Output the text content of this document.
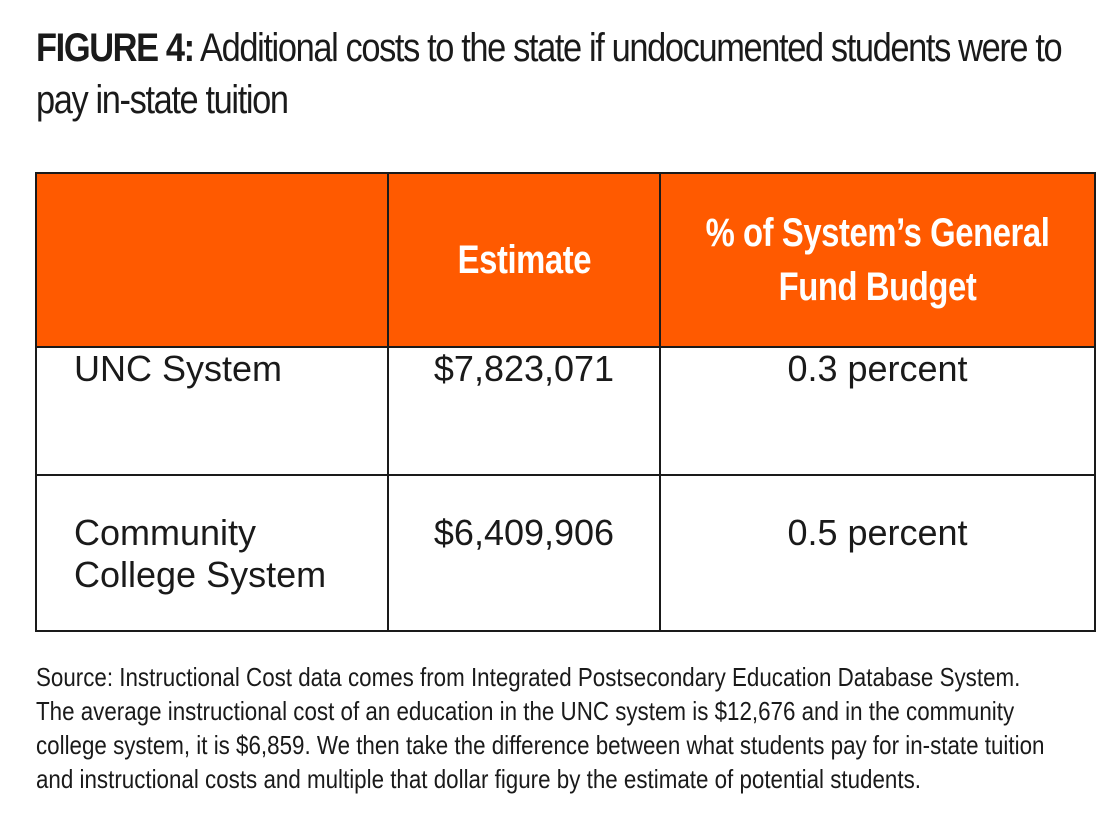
FIGURE 4: Additional costs to the state if undocumented students were to pay in-state tuition
	Estimate	% of System’s General Fund Budget

UNC System	$7,823,071	0.3 percent

Community College System	$6,409,906	0.5 percent
Source: Instructional Cost data comes from Integrated Postsecondary Education Database System. The average instructional cost of an education in the UNC system is $12,676 and in the community college system, it is $6,859. We then take the difference between what students pay for in-state tuition and instructional costs and multiple that dollar figure by the estimate of potential students.
